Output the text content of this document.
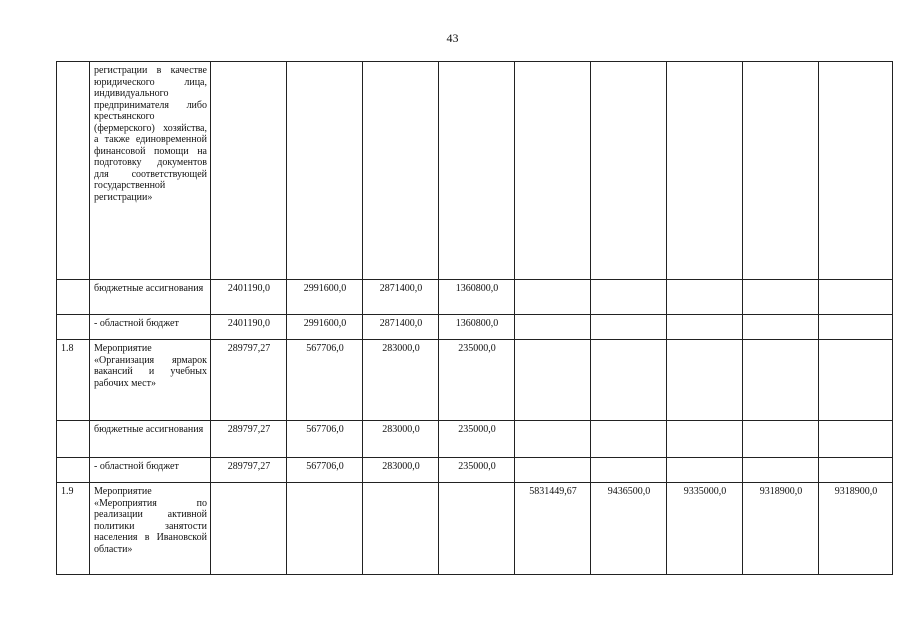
43
	регистрации в качестве юридического лица, индивидуального предпринимателя либо крестьянского (фермерского) хозяйства, а также единовременной финансовой помощи на подготовку документов для соответствующей государственной регистрации»									
	бюджетные ассигнования	2401190,0	2991600,0	2871400,0	1360800,0					
	- областной бюджет	2401190,0	2991600,0	2871400,0	1360800,0					
1.8	Мероприятие «Организация ярмарок вакансий и учебных рабочих мест»	289797,27	567706,0	283000,0	235000,0					
	бюджетные ассигнования	289797,27	567706,0	283000,0	235000,0					
	- областной бюджет	289797,27	567706,0	283000,0	235000,0					
1.9	Мероприятие «Мероприятия по реализации активной политики занятости населения в Ивановской области»					5831449,67	9436500,0	9335000,0	9318900,0	9318900,0
